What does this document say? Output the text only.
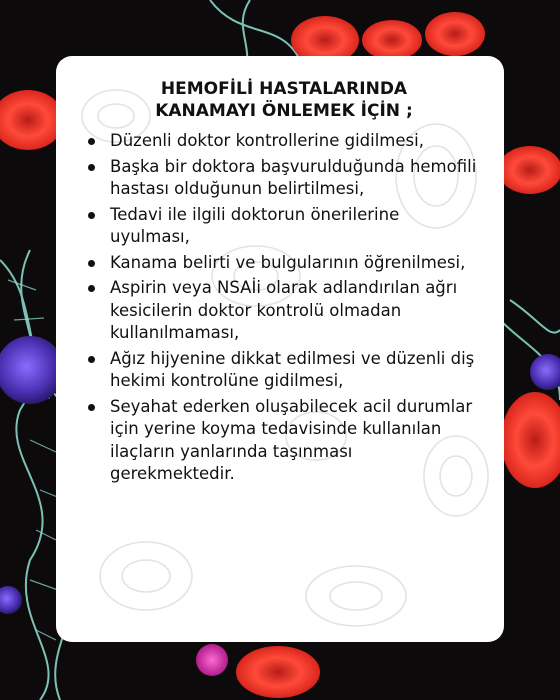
HEMOFİLİ HASTALARINDA
KANAMAYI ÖNLEMEK İÇİN ;
Düzenli doktor kontrollerine gidilmesi,
Başka bir doktora başvurulduğunda hemofili hastası olduğunun belirtilmesi,
Tedavi ile ilgili doktorun önerilerine uyulması,
Kanama belirti ve bulgularının öğrenilmesi,
Aspirin veya NSAİi olarak adlandırılan ağrı kesicilerin doktor kontrolü olmadan kullanılmaması,
Ağız hijyenine dikkat edilmesi ve düzenli diş hekimi kontrolüne gidilmesi,
Seyahat ederken oluşabilecek acil durumlar için yerine koyma tedavisinde kullanılan ilaçların yanlarında taşınması gerekmektedir.
